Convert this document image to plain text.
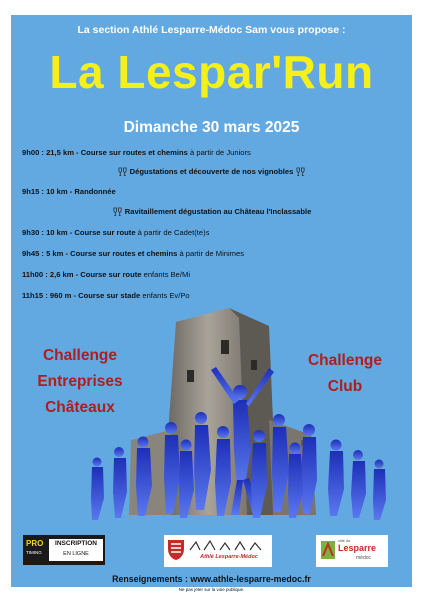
La section Athlé Lesparre-Médoc Sam vous propose :
La Lespar'Run
Dimanche 30 mars 2025
9h00 : 21,5 km - Course sur routes et chemins à partir de Juniors
Dégustations et découverte de nos vignobles
9h15 : 10 km - Randonnée
Ravitaillement dégustation au Château l'Inclassable
9h30 : 10 km - Course sur route à partir de Cadet(te)s
9h45 : 5 km - Course sur routes et chemins à partir de Minimes
11h00 : 2,6 km - Course sur route enfants Be/Mi
11h15 : 960 m - Course sur stade enfants Ev/Po
Challenge
Entreprises
Châteaux
Challenge
Club
PRO
TIMING
INSCRIPTION
EN LIGNE	Athlé Lesparre-Médoc
ville de
Lesparre
médoc
Renseignements : www.athle-lesparre-medoc.fr
Ne pas jeter sur la voie publique.
